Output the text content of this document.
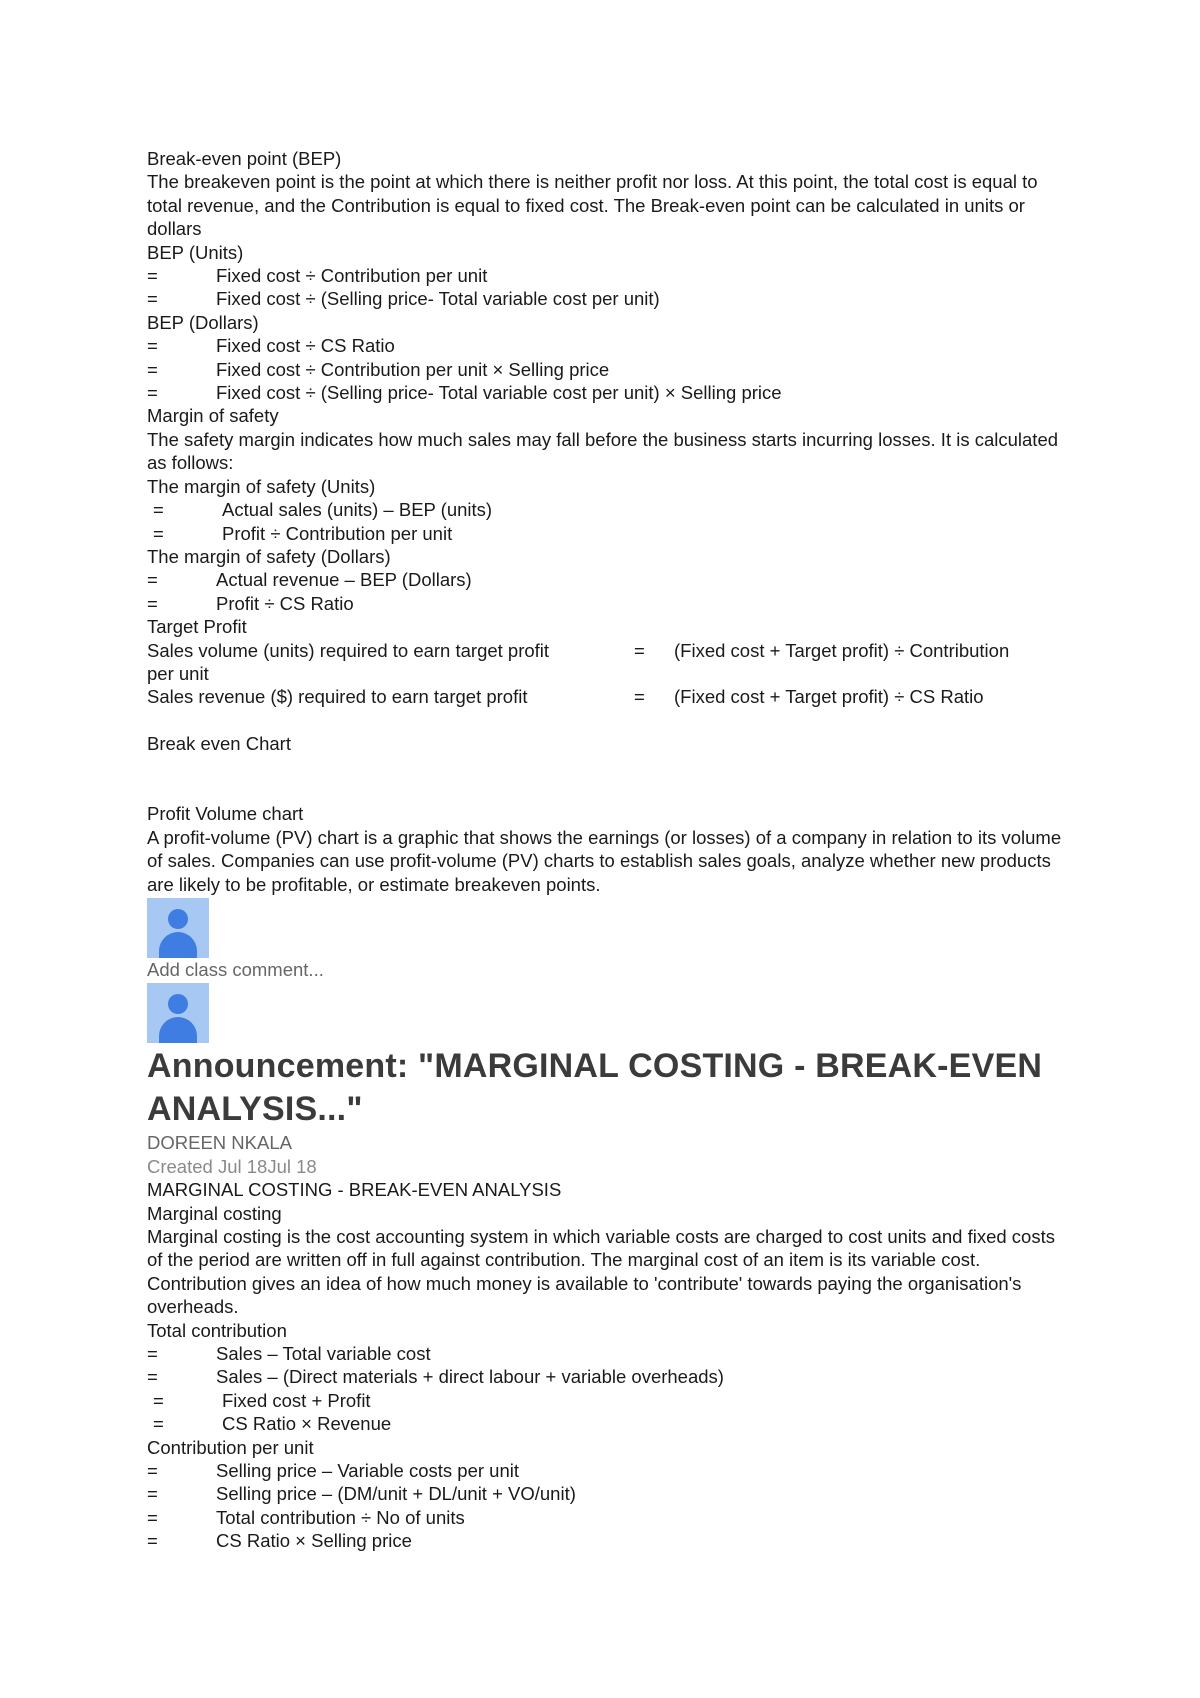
Break-even point (BEP)
The breakeven point is the point at which there is neither profit nor loss. At this point, the total cost is equal to total revenue, and the Contribution is equal to fixed cost. The Break-even point can be calculated in units or dollars
BEP (Units)
=	Fixed cost ÷ Contribution per unit
=	Fixed cost ÷ (Selling price- Total variable cost per unit)
BEP (Dollars)
=	Fixed cost ÷ CS Ratio
=	Fixed cost ÷ Contribution per unit × Selling price
=	Fixed cost ÷ (Selling price- Total variable cost per unit) × Selling price
Margin of safety
The safety margin indicates how much sales may fall before the business starts incurring losses. It is calculated as follows:
The margin of safety (Units)
=	Actual sales (units) – BEP (units)
=	Profit ÷ Contribution per unit
The margin of safety (Dollars)
=	Actual revenue – BEP (Dollars)
=	Profit ÷ CS Ratio
Target Profit
Sales volume (units) required to earn target profit	= (Fixed cost + Target profit) ÷ Contribution
per unit
Sales revenue ($) required to earn target profit	= (Fixed cost + Target profit) ÷ CS Ratio
Break even Chart
Profit Volume chart
A profit-volume (PV) chart is a graphic that shows the earnings (or losses) of a company in relation to its volume of sales. Companies can use profit-volume (PV) charts to establish sales goals, analyze whether new products are likely to be profitable, or estimate breakeven points.
Add class comment...
Announcement: "MARGINAL COSTING - BREAK-EVEN ANALYSIS..."
DOREEN NKALA
Created Jul 18Jul 18
MARGINAL COSTING - BREAK-EVEN ANALYSIS
Marginal costing
Marginal costing is the cost accounting system in which variable costs are charged to cost units and fixed costs of the period are written off in full against contribution. The marginal cost of an item is its variable cost. Contribution gives an idea of how much money is available to 'contribute' towards paying the organisation's overheads.
Total contribution
=	Sales – Total variable cost
=	Sales – (Direct materials + direct labour + variable overheads)
=	Fixed cost + Profit
=	CS Ratio × Revenue
Contribution per unit
=	Selling price – Variable costs per unit
=	Selling price – (DM/unit + DL/unit + VO/unit)
=	Total contribution ÷ No of units
=	CS Ratio × Selling price
